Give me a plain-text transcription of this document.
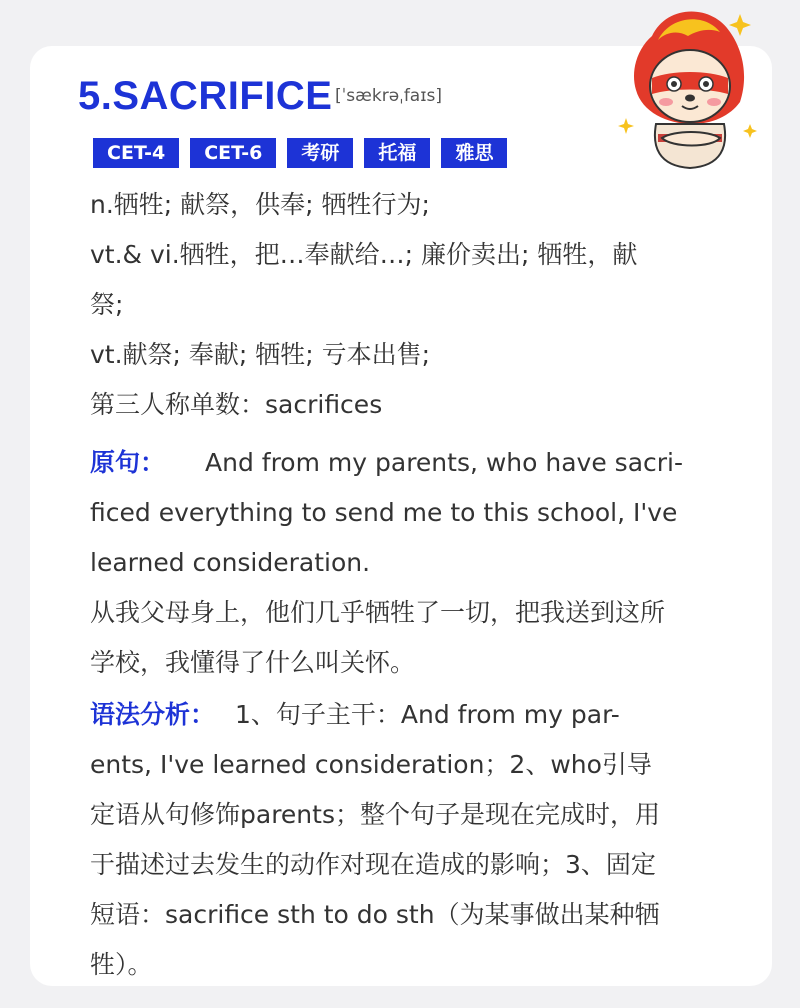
5.SACRIFICE [ˈsækrəˌfaɪs]
CET-4	CET-6	考研	托福	雅思
n.牺牲; 献祭，供奉; 牺牲行为;
vt.& vi.牺牲，把…奉献给…; 廉价卖出; 牺牲，献
祭;
vt.献祭; 奉献; 牺牲; 亏本出售;
第三人称单数：sacrifices
原句： And from my parents, who have sacri-
ficed everything to send me to this school, I've
learned consideration.
从我父母身上，他们几乎牺牲了一切，把我送到这所
学校，我懂得了什么叫关怀。
语法分析： 1、句子主干：And from my par-
ents, I've learned consideration；2、who引导
定语从句修饰parents；整个句子是现在完成时，用
于描述过去发生的动作对现在造成的影响；3、固定
短语：sacrifice sth to do sth（为某事做出某种牺
牲）。
